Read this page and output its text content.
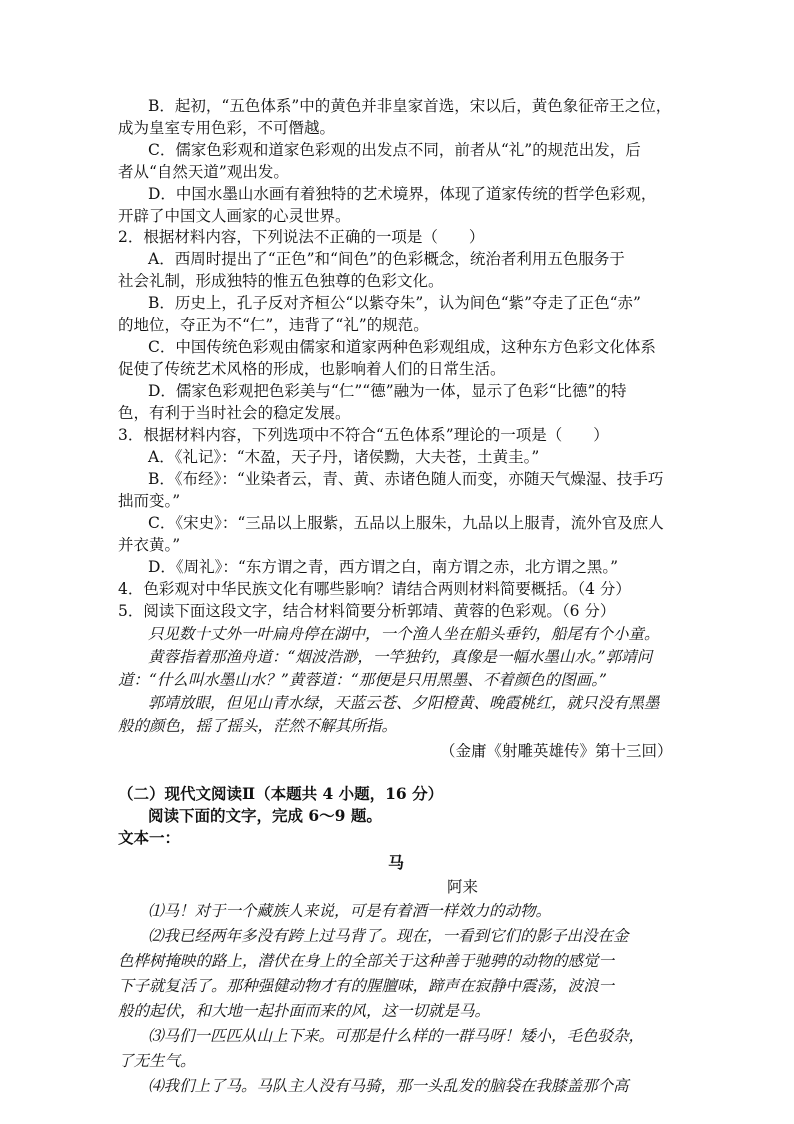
B．起初，“五色体系”中的黄色并非皇家首选，宋以后，黄色象征帝王之位，
成为皇室专用色彩，不可僭越。
C．儒家色彩观和道家色彩观的出发点不同，前者从“礼”的规范出发，后
者从“自然天道”观出发。
D．中国水墨山水画有着独特的艺术境界，体现了道家传统的哲学色彩观，
开辟了中国文人画家的心灵世界。
2．根据材料内容，下列说法不正确的一项是（　　）
A．西周时提出了“正色”和“间色”的色彩概念，统治者利用五色服务于
社会礼制，形成独特的惟五色独尊的色彩文化。
B．历史上，孔子反对齐桓公“以紫夺朱”，认为间色“紫”夺走了正色“赤”
的地位，夺正为不“仁”，违背了“礼”的规范。
C．中国传统色彩观由儒家和道家两种色彩观组成，这种东方色彩文化体系
促使了传统艺术风格的形成，也影响着人们的日常生活。
D．儒家色彩观把色彩美与“仁”“德”融为一体，显示了色彩“比德”的特
色，有利于当时社会的稳定发展。
3．根据材料内容，下列选项中不符合“五色体系”理论的一项是（　　）
A．《礼记》：“木盈，天子丹，诸侯黝，大夫苍，土黄圭。”
B．《布经》：“业染者云，青、黄、赤诸色随人而变，亦随天气燥湿、技手巧
拙而变。”
C．《宋史》：“三品以上服紫，五品以上服朱，九品以上服青，流外官及庶人
并衣黄。”
D．《周礼》：“东方谓之青，西方谓之白，南方谓之赤，北方谓之黑。”
4．色彩观对中华民族文化有哪些影响？请结合两则材料简要概括。（4 分）
5．阅读下面这段文字，结合材料简要分析郭靖、黄蓉的色彩观。（6 分）
只见数十丈外一叶扁舟停在湖中，一个渔人坐在船头垂钓，船尾有个小童。
黄蓉指着那渔舟道：“烟波浩渺，一竿独钓，真像是一幅水墨山水。”郭靖问
道：“什么叫水墨山水？”黄蓉道：“那便是只用黑墨、不着颜色的图画。”
郭靖放眼，但见山青水绿，天蓝云苍、夕阳橙黄、晚霞桃红，就只没有黑墨
般的颜色，摇了摇头，茫然不解其所指。
（金庸《射雕英雄传》第十三回）
（二）现代文阅读Ⅱ（本题共 4 小题，16 分）
阅读下面的文字，完成 6～9 题。
文本一：
马
阿来
⑴马！对于一个藏族人来说，可是有着酒一样效力的动物。
⑵我已经两年多没有跨上过马背了。现在，一看到它们的影子出没在金
色桦树掩映的路上，潜伏在身上的全部关于这种善于驰骋的动物的感觉一
下子就复活了。那种强健动物才有的腥膻味，蹄声在寂静中震荡，波浪一
般的起伏，和大地一起扑面而来的风，这一切就是马。
⑶马们一匹匹从山上下来。可那是什么样的一群马呀！矮小，毛色驳杂，
了无生气。
⑷我们上了马。马队主人没有马骑，那一头乱发的脑袋在我膝盖那个高
